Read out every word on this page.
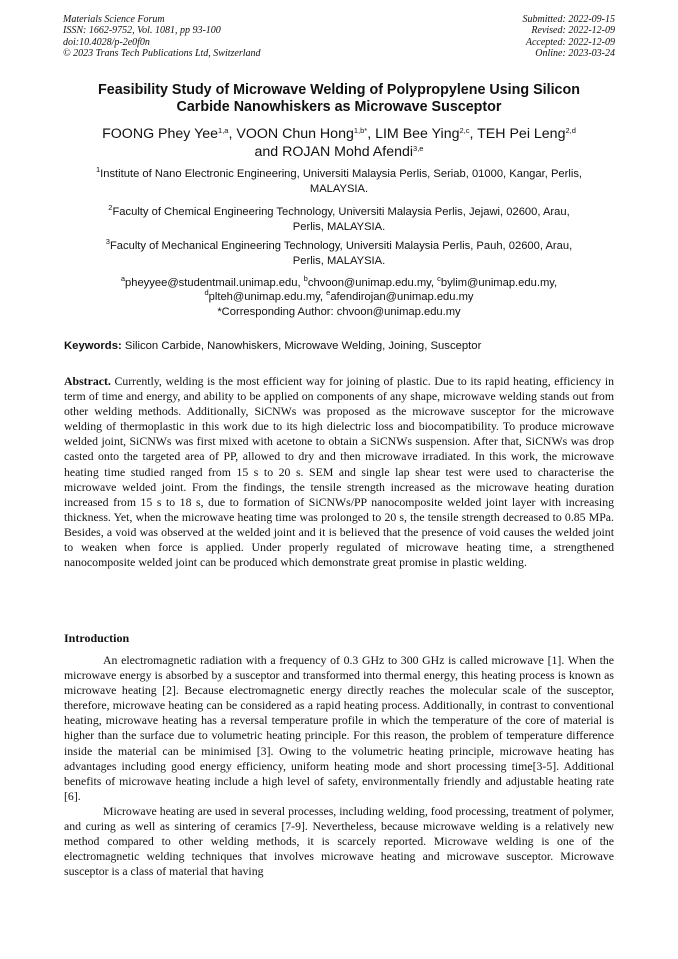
Materials Science Forum
ISSN: 1662-9752, Vol. 1081, pp 93-100
doi:10.4028/p-2e0f0n
© 2023 Trans Tech Publications Ltd, Switzerland
Submitted: 2022-09-15
Revised: 2022-12-09
Accepted: 2022-12-09
Online: 2023-03-24
Feasibility Study of Microwave Welding of Polypropylene Using Silicon
Carbide Nanowhiskers as Microwave Susceptor
FOONG Phey Yee$^{1,a}$, VOON Chun Hong$^{1,b*}$, LIM Bee Ying$^{2,c}$, TEH Pei Leng$^{2,d}$
and ROJAN Mohd Afendi$^{3,e}$
$^1$Institute of Nano Electronic Engineering, Universiti Malaysia Perlis, Seriab, 01000, Kangar, Perlis,
MALAYSIA.
$^2$Faculty of Chemical Engineering Technology, Universiti Malaysia Perlis, Jejawi, 02600, Arau,
Perlis, MALAYSIA.
$^3$Faculty of Mechanical Engineering Technology, Universiti Malaysia Perlis, Pauh, 02600, Arau,
Perlis, MALAYSIA.
$^a$pheyyee@studentmail.unimap.edu, $^b$chvoon@unimap.edu.my, $^c$bylim@unimap.edu.my,
$^d$plteh@unimap.edu.my, $^e$afendirojan@unimap.edu.my
*Corresponding Author: chvoon@unimap.edu.my
Keywords: Silicon Carbide, Nanowhiskers, Microwave Welding, Joining, Susceptor
Abstract. Currently, welding is the most efficient way for joining of plastic. Due to its rapid heating, efficiency in term of time and energy, and ability to be applied on components of any shape, microwave welding stands out from other welding methods. Additionally, SiCNWs was proposed as the microwave susceptor for the microwave welding of thermoplastic in this work due to its high dielectric loss and biocompatibility. To produce microwave welded joint, SiCNWs was first mixed with acetone to obtain a SiCNWs suspension. After that, SiCNWs was drop casted onto the targeted area of PP, allowed to dry and then microwave irradiated. In this work, the microwave heating time studied ranged from 15 s to 20 s. SEM and single lap shear test were used to characterise the microwave welded joint. From the findings, the tensile strength increased as the microwave heating duration increased from 15 s to 18 s, due to formation of SiCNWs/PP nanocomposite welded joint layer with increasing thickness. Yet, when the microwave heating time was prolonged to 20 s, the tensile strength decreased to 0.85 MPa. Besides, a void was observed at the welded joint and it is believed that the presence of void causes the welded joint to weaken when force is applied. Under properly regulated of microwave heating time, a strengthened nanocomposite welded joint can be produced which demonstrate great promise in plastic welding.
Introduction

An electromagnetic radiation with a frequency of 0.3 GHz to 300 GHz is called microwave [1]. When the microwave energy is absorbed by a susceptor and transformed into thermal energy, this heating process is known as microwave heating [2]. Because electromagnetic energy directly reaches the molecular scale of the susceptor, therefore, microwave heating can be considered as a rapid heating process. Additionally, in contrast to conventional heating, microwave heating has a reversal temperature profile in which the temperature of the core of material is higher than the surface due to volumetric heating principle. For this reason, the problem of temperature difference inside the material can be minimised [3]. Owing to the volumetric heating principle, microwave heating has advantages including good energy efficiency, uniform heating mode and short processing time[3-5]. Additional benefits of microwave heating include a high level of safety, environmentally friendly and adjustable heating rate [6].

Microwave heating are used in several processes, including welding, food processing, treatment of polymer, and curing as well as sintering of ceramics [7-9]. Nevertheless, because microwave welding is a relatively new method compared to other welding methods, it is scarcely reported. Microwave welding is one of the electromagnetic welding techniques that involves microwave heating and microwave susceptor. Microwave susceptor is a class of material that having
